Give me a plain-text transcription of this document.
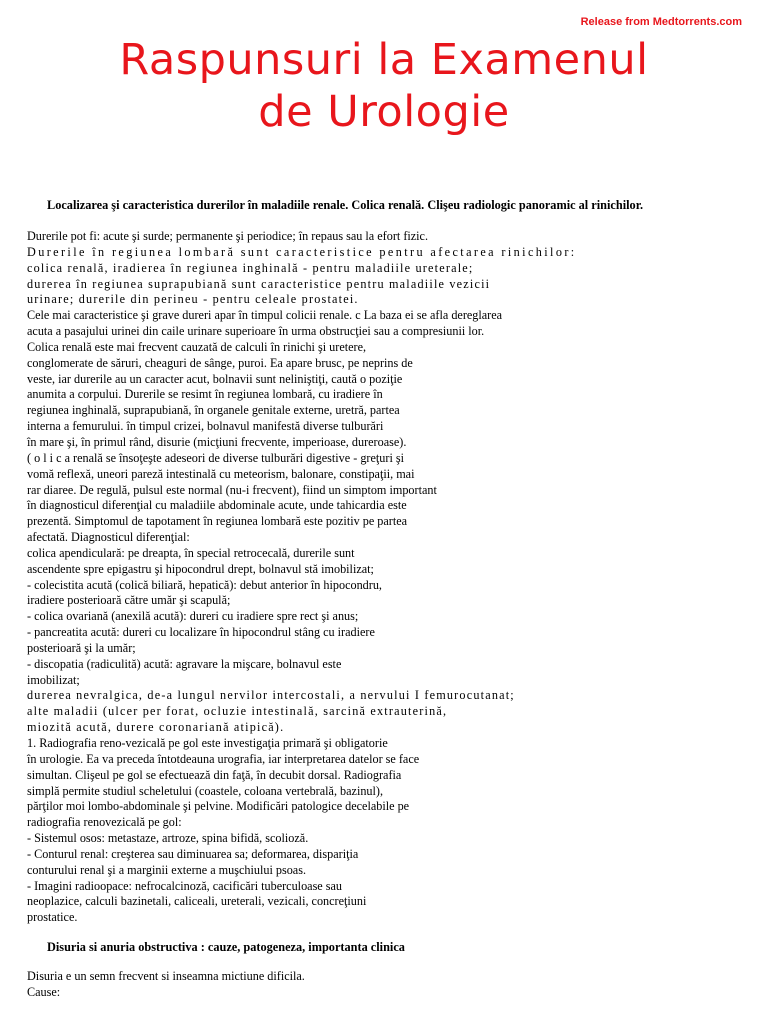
Release from Medtorrents.com
Raspunsuri la Examenul
de Urologie
Localizarea şi caracteristica durerilor în maladiile renale. Colica renală. Clişeu radiologic panoramic al rinichilor.
Durerile pot fi: acute şi surde; permanente şi periodice; în repaus sau la efort fizic.
Durerile în regiunea lombară sunt caracteristice pentru afectarea rinichilor:
colica renală, iradierea în regiunea inghinală - pentru maladiile ureterale;
durerea în regiunea suprapubiană sunt caracteristice pentru maladiile vezicii
urinare; durerile din perineu - pentru celeale prostatei.
Cele mai caracteristice şi grave dureri apar în timpul colicii renale. c La baza ei se afla dereglarea
acuta a pasajului urinei din caile urinare superioare în urma obstrucţiei sau a compresiunii lor.
Colica renală este mai frecvent cauzată de calculi în rinichi şi uretere,
conglomerate de săruri, cheaguri de sânge, puroi. Ea apare brusc, pe neprins de
veste, iar durerile au un caracter acut, bolnavii sunt neliniştiţi, caută o poziţie
anumita a corpului. Durerile se resimt în regiunea lombară, cu iradiere în
regiunea inghinală, suprapubiană, în organele genitale externe, uretră, partea
interna a femurului. în timpul crizei, bolnavul manifestă diverse tulburări
în mare şi, în primul rând, disurie (micţiuni frecvente, imperioase, dureroase).
( o l i c a renală se însoţeşte adeseori de diverse tulburări digestive - greţuri şi
vomă reflexă, uneori pareză intestinală cu meteorism, balonare, constipaţii, mai
rar diaree. De regulă, pulsul este normal (nu-i frecvent), fiind un simptom important
în diagnosticul diferenţial cu maladiile abdominale acute, unde tahicardia este
prezentă. Simptomul de tapotament în regiunea lombară este pozitiv pe partea
afectată. Diagnosticul diferenţial:
colica apendiculară: pe dreapta, în special retrocecală, durerile sunt
ascendente spre epigastru şi hipocondrul drept, bolnavul stă imobilizat;
- colecistita acută (colică biliară, hepatică): debut anterior în hipocondru,
iradiere posterioară către umăr şi scapulă;
- colica ovariană (anexilă acută): dureri cu iradiere spre rect şi anus;
- pancreatita acută: dureri cu localizare în hipocondrul stâng cu iradiere
posterioară şi la umăr;
- discopatia (radiculită) acută: agravare la mişcare, bolnavul este
imobilizat;
durerea nevralgica, de-a lungul nervilor intercostali, a nervului I femurocutanat;
alte maladii (ulcer per forat, ocluzie intestinală, sarcină extrauterină,
miozită acută, durere coronariană atipică).
1. Radiografia reno-vezicală pe gol este investigaţia primară şi obligatorie
în urologie. Ea va preceda întotdeauna urografia, iar interpretarea datelor se face
simultan. Clişeul pe gol se efectuează din faţă, în decubit dorsal. Radiografia
simplă permite studiul scheletului (coastele, coloana vertebrală, bazinul),
părţilor moi lombo-abdominale şi pelvine. Modificări patologice decelabile pe
radiografia renovezicală pe gol:
- Sistemul osos: metastaze, artroze, spina bifidă, scolioză.
- Conturul renal: creşterea sau diminuarea sa; deformarea, dispariţia
conturului renal şi a marginii externe a muşchiului psoas.
- Imagini radioopace: nefrocalcinoză, cacificări tuberculoase sau
neoplazice, calculi bazinetali, caliceali, ureterali, vezicali, concreţiuni
prostatice.
Disuria si anuria obstructiva : cauze, patogeneza, importanta clinica
Disuria e un semn frecvent si inseamna mictiune dificila.
Cause:
